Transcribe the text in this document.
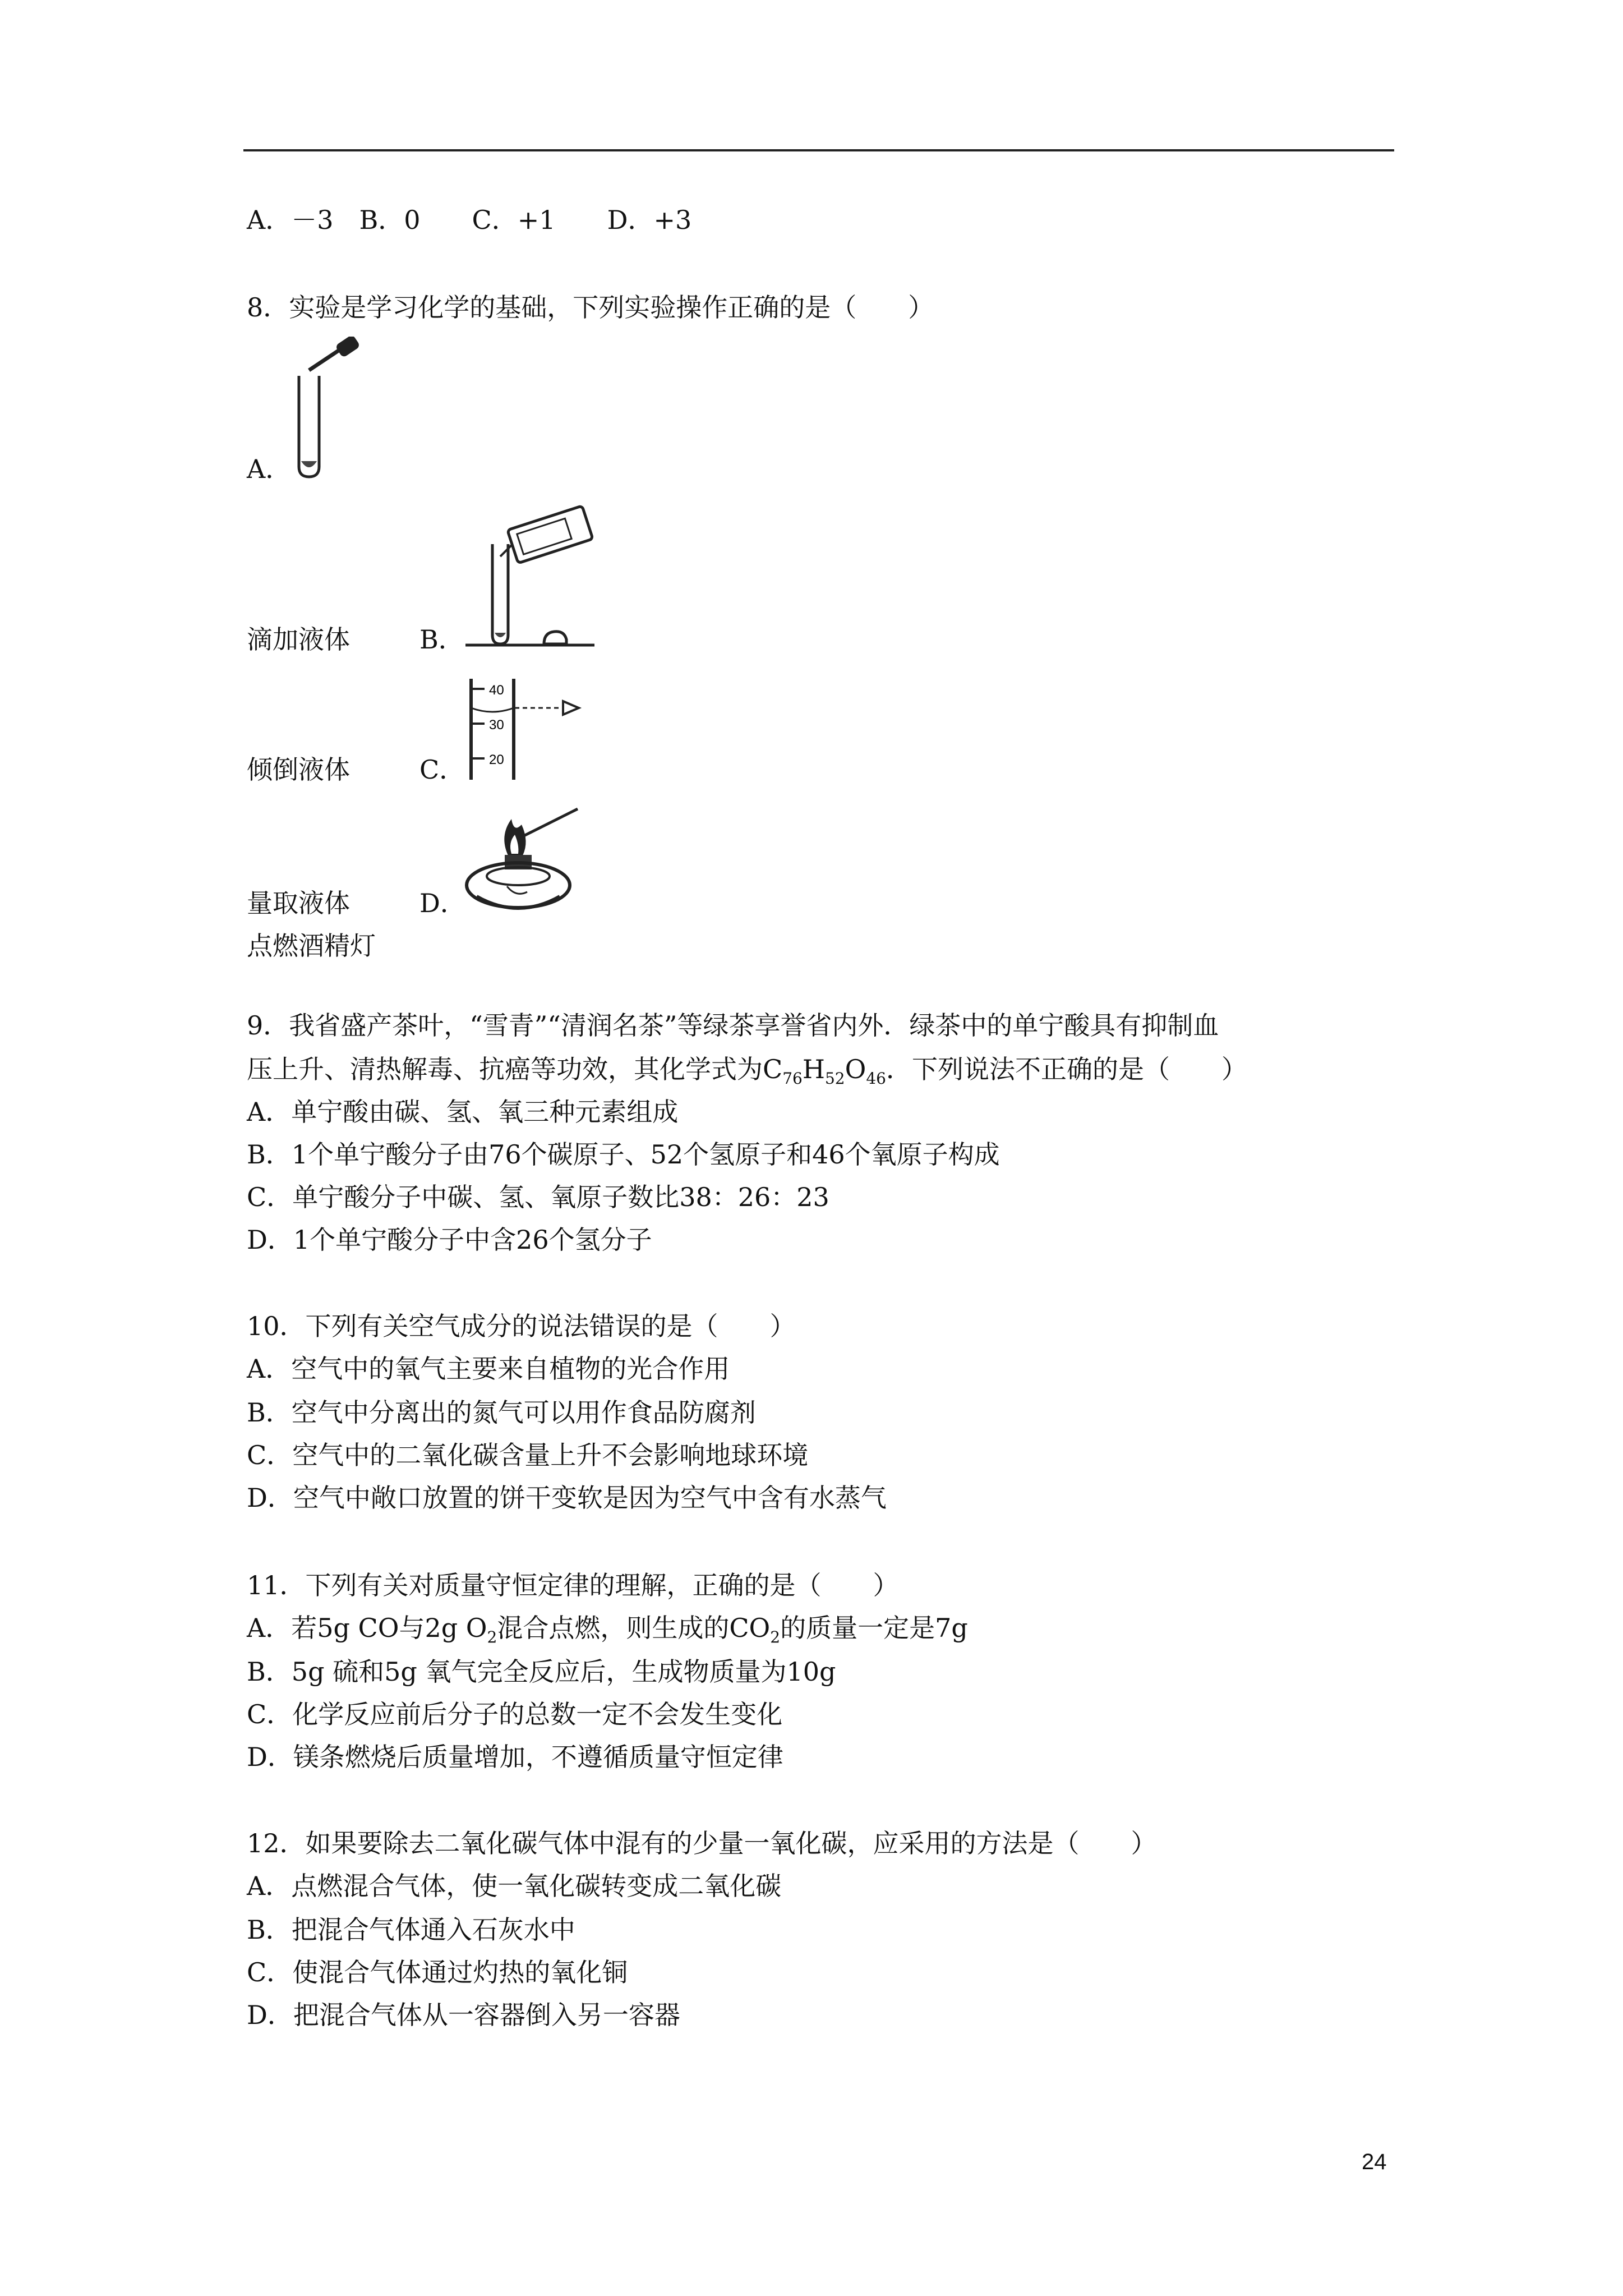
A．－3　B．0　　C．+1　　D．+3
8．实验是学习化学的基础，下列实验操作正确的是（　　）
A．
滴加液体	B．
倾倒液体	C．
40
30
20
量取液体	D．
点燃酒精灯
9．我省盛产茶叶，“雪青”“清润名茶”等绿茶享誉省内外．绿茶中的单宁酸具有抑制血
压上升、清热解毒、抗癌等功效，其化学式为$C_{76}H_{52}O_{46}$．下列说法不正确的是（　　）
A．单宁酸由碳、氢、氧三种元素组成
B．1个单宁酸分子由76个碳原子、52个氢原子和46个氧原子构成
C．单宁酸分子中碳、氢、氧原子数比38：26：23
D．1个单宁酸分子中含26个氢分子
10．下列有关空气成分的说法错误的是（　　）
A．空气中的氧气主要来自植物的光合作用
B．空气中分离出的氮气可以用作食品防腐剂
C．空气中的二氧化碳含量上升不会影响地球环境
D．空气中敞口放置的饼干变软是因为空气中含有水蒸气
11．下列有关对质量守恒定律的理解，正确的是（　　）
A．若5g CO与2g $O_2$混合点燃，则生成的$CO_2$的质量一定是7g
B．5g 硫和5g 氧气完全反应后，生成物质量为10g
C．化学反应前后分子的总数一定不会发生变化
D．镁条燃烧后质量增加，不遵循质量守恒定律
12．如果要除去二氧化碳气体中混有的少量一氧化碳，应采用的方法是（　　）
A．点燃混合气体，使一氧化碳转变成二氧化碳
B．把混合气体通入石灰水中
C．使混合气体通过灼热的氧化铜
D．把混合气体从一容器倒入另一容器
24
